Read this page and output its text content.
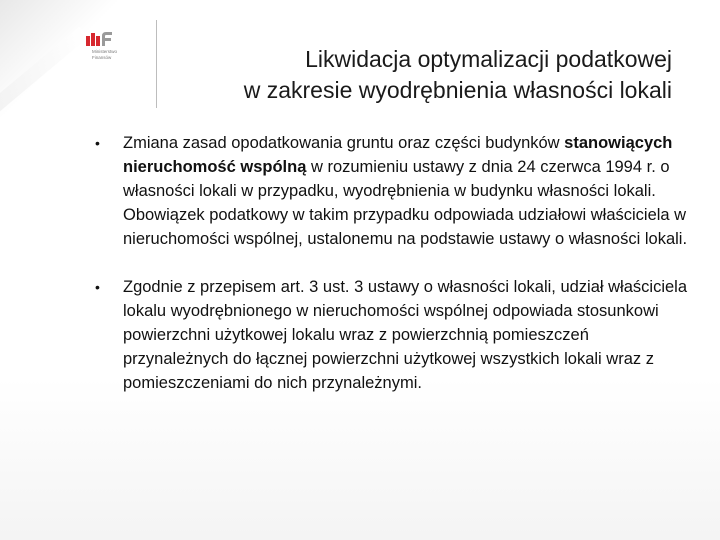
Ministerstwo
Finansów	Likwidacja optymalizacji podatkowej
w zakresie wyodrębnienia własności lokali
• Zmiana zasad opodatkowania gruntu oraz części budynków stanowiących nieruchomość wspólną w rozumieniu ustawy z dnia 24 czerwca 1994 r. o własności lokali w przypadku, wyodrębnienia w budynku własności lokali. Obowiązek podatkowy w takim przypadku odpowiada udziałowi właściciela w nieruchomości wspólnej, ustalonemu na podstawie ustawy o własności lokali.
• Zgodnie z przepisem art. 3 ust. 3 ustawy o własności lokali, udział właściciela lokalu wyodrębnionego w nieruchomości wspólnej odpowiada stosunkowi powierzchni użytkowej lokalu wraz z powierzchnią pomieszczeń przynależnych do łącznej powierzchni użytkowej wszystkich lokali wraz z pomieszczeniami do nich przynależnymi.
